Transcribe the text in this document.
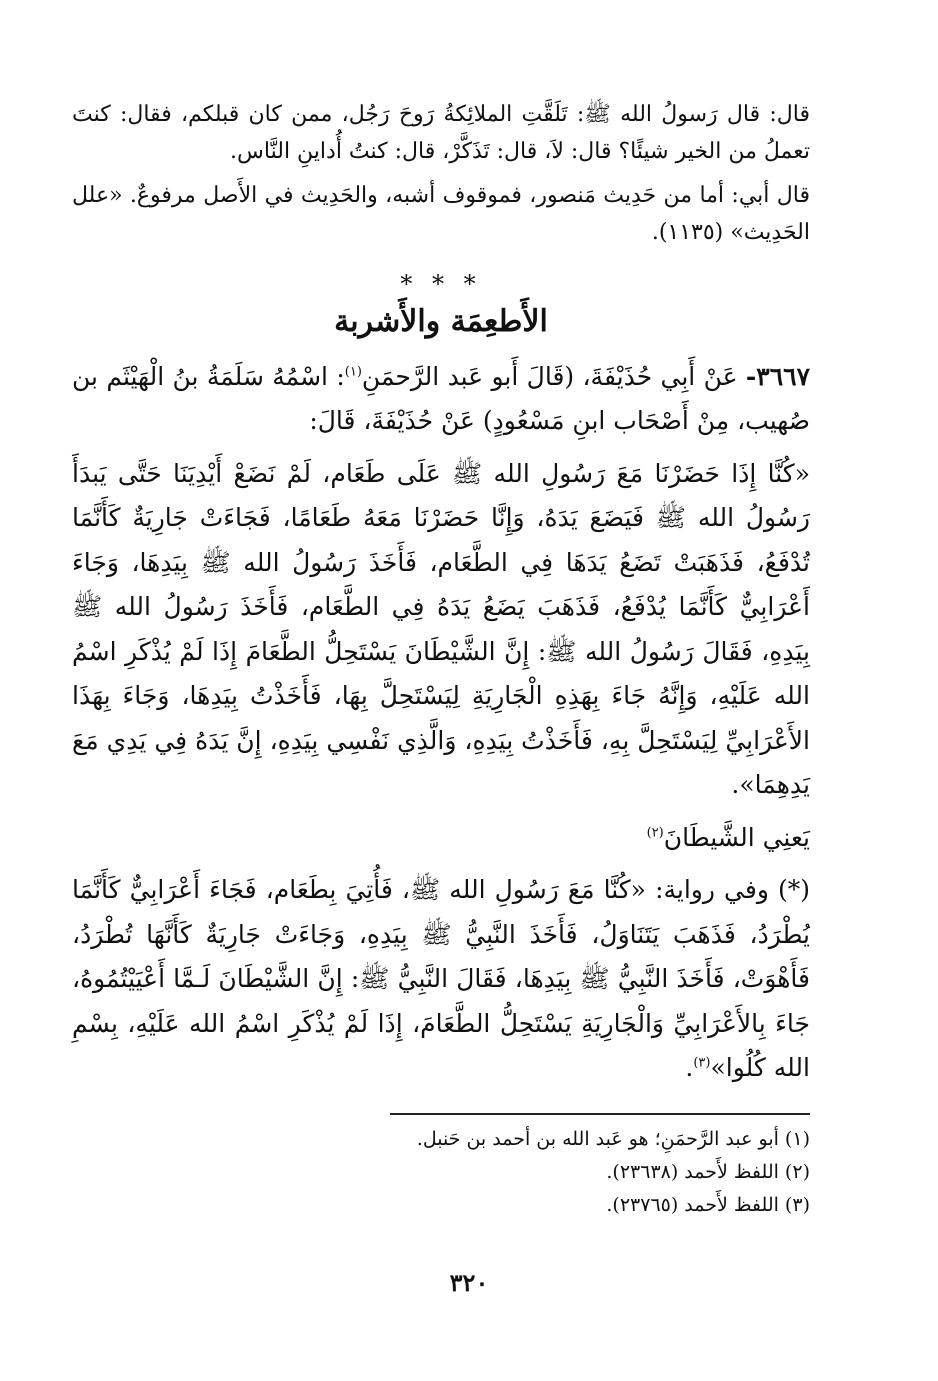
قال: قال رَسولُ الله ﷺ: تَلَقَّتِ الملائِكةُ رَوحَ رَجُل، ممن كان قبلكم، فقال: كنتَ تعملُ من الخير شيئًا؟ قال: لاَ، قال: تَذَكَّرْ، قال: كنتُ أُداينِ النَّاس.

قال أبي: أما من حَدِيث مَنصور، فموقوف أشبه، والحَدِيث في الأَصل مرفوعٌ. «علل الحَدِيث» (١١٣٥).

* * *
الأَطعِمَة والأَشربة

٣٦٦٧- عَنْ أَبِي حُذَيْفَةَ، (قَالَ أَبو عَبد الرَّحمَنِ$^{(١)}$: اسْمُهُ سَلَمَةُ بنُ الْهَيْثَم بن صُهيب، مِنْ أَصْحَاب ابنِ مَسْعُودٍ) عَنْ حُذَيْفَةَ، قَالَ:

«كُنَّا إِذَا حَضَرْنَا مَعَ رَسُولِ الله ﷺ عَلَى طَعَام، لَمْ نَضَعْ أَيْدِيَنَا حَتَّى يَبدَأَ رَسُولُ الله ﷺ فَيَضَعَ يَدَهُ، وَإِنَّا حَضَرْنَا مَعَهُ طَعَامًا، فَجَاءَتْ جَارِيَةٌ كَأَنَّمَا تُدْفَعُ، فَذَهَبَتْ تَضَعُ يَدَهَا فِي الطَّعَام، فَأَخَذَ رَسُولُ الله ﷺ بِيَدِهَا، وَجَاءَ أَعْرَابِيٌّ كَأَنَّمَا يُدْفَعُ، فَذَهَبَ يَضَعُ يَدَهُ فِي الطَّعَام، فَأَخَذَ رَسُولُ الله ﷺ بِيَدِهِ، فَقَالَ رَسُولُ الله ﷺ: إِنَّ الشَّيْطَانَ يَسْتَحِلُّ الطَّعَامَ إِذَا لَمْ يُذْكَرِ اسْمُ الله عَلَيْهِ، وَإِنَّهُ جَاءَ بِهَذِهِ الْجَارِيَةِ لِيَسْتَحِلَّ بِهَا، فَأَخَذْتُ بِيَدِهَا، وَجَاءَ بِهَذَا الأَعْرَابِيِّ لِيَسْتَحِلَّ بِهِ، فَأَخَذْتُ بِيَدِهِ، وَالَّذِي نَفْسِي بِيَدِهِ، إِنَّ يَدَهُ فِي يَدِي مَعَ يَدِهِمَا».

يَعنِي الشَّيطَانَ$^{(٢)}$

(*) وفي رواية: «كُنَّا مَعَ رَسُولِ الله ﷺ، فَأُتِيَ بِطَعَام، فَجَاءَ أَعْرَابِيٌّ كَأَنَّمَا يُطْرَدُ، فَذَهَبَ يَتَنَاوَلُ، فَأَخَذَ النَّبِيُّ ﷺ بِيَدِهِ، وَجَاءَتْ جَارِيَةٌ كَأَنَّهَا تُطْرَدُ، فَأَهْوَتْ، فَأَخَذَ النَّبِيُّ ﷺ بِيَدِهَا، فَقَالَ النَّبِيُّ ﷺ: إِنَّ الشَّيْطَانَ لَـمَّا أَعْيَيْتُمُوهُ، جَاءَ بِالأَعْرَابِيِّ وَالْجَارِيَةِ يَسْتَحِلُّ الطَّعَامَ، إِذَا لَمْ يُذْكَرِ اسْمُ الله عَلَيْهِ، بِسْمِ الله كُلُوا»$^{(٣)}$.

(١) أبو عبد الرَّحمَنِ؛ هو عَبد الله بن أحمد بن حَنبل.
(٢) اللفظ لأَحمد (٢٣٦٣٨).
(٣) اللفظ لأَحمد (٢٣٧٦٥).
٣٢٠
